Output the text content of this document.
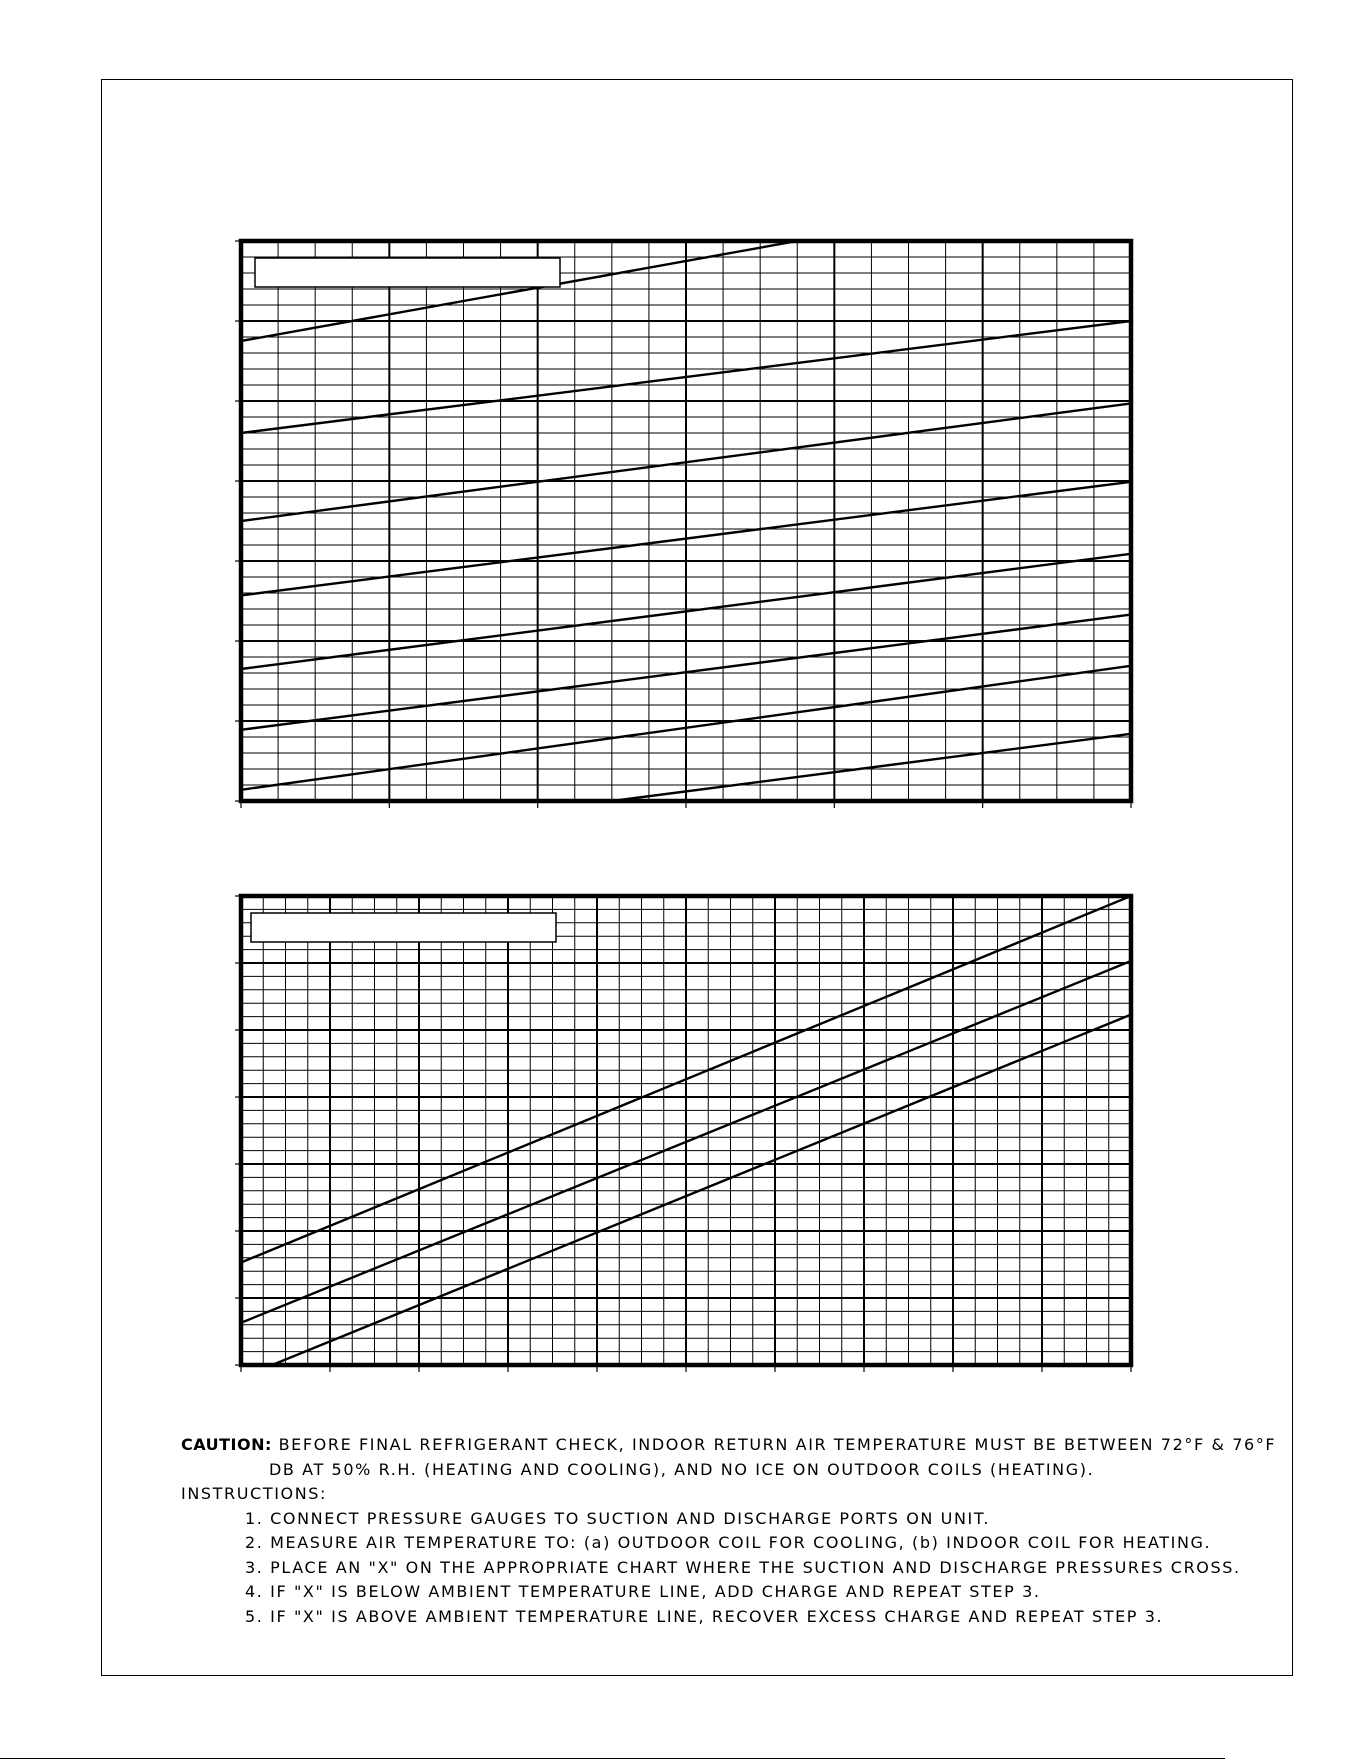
CAUTION: BEFORE FINAL REFRIGERANT CHECK, INDOOR RETURN AIR TEMPERATURE MUST BE BETWEEN 72°F & 76°F
DB AT 50% R.H. (HEATING AND COOLING), AND NO ICE ON OUTDOOR COILS (HEATING).
INSTRUCTIONS:
1. CONNECT PRESSURE GAUGES TO SUCTION AND DISCHARGE PORTS ON UNIT.
2. MEASURE AIR TEMPERATURE TO: (a) OUTDOOR COIL FOR COOLING, (b) INDOOR COIL FOR HEATING.
3. PLACE AN "X" ON THE APPROPRIATE CHART WHERE THE SUCTION AND DISCHARGE PRESSURES CROSS.
4. IF "X" IS BELOW AMBIENT TEMPERATURE LINE, ADD CHARGE AND REPEAT STEP 3.
5. IF "X" IS ABOVE AMBIENT TEMPERATURE LINE, RECOVER EXCESS CHARGE AND REPEAT STEP 3.
